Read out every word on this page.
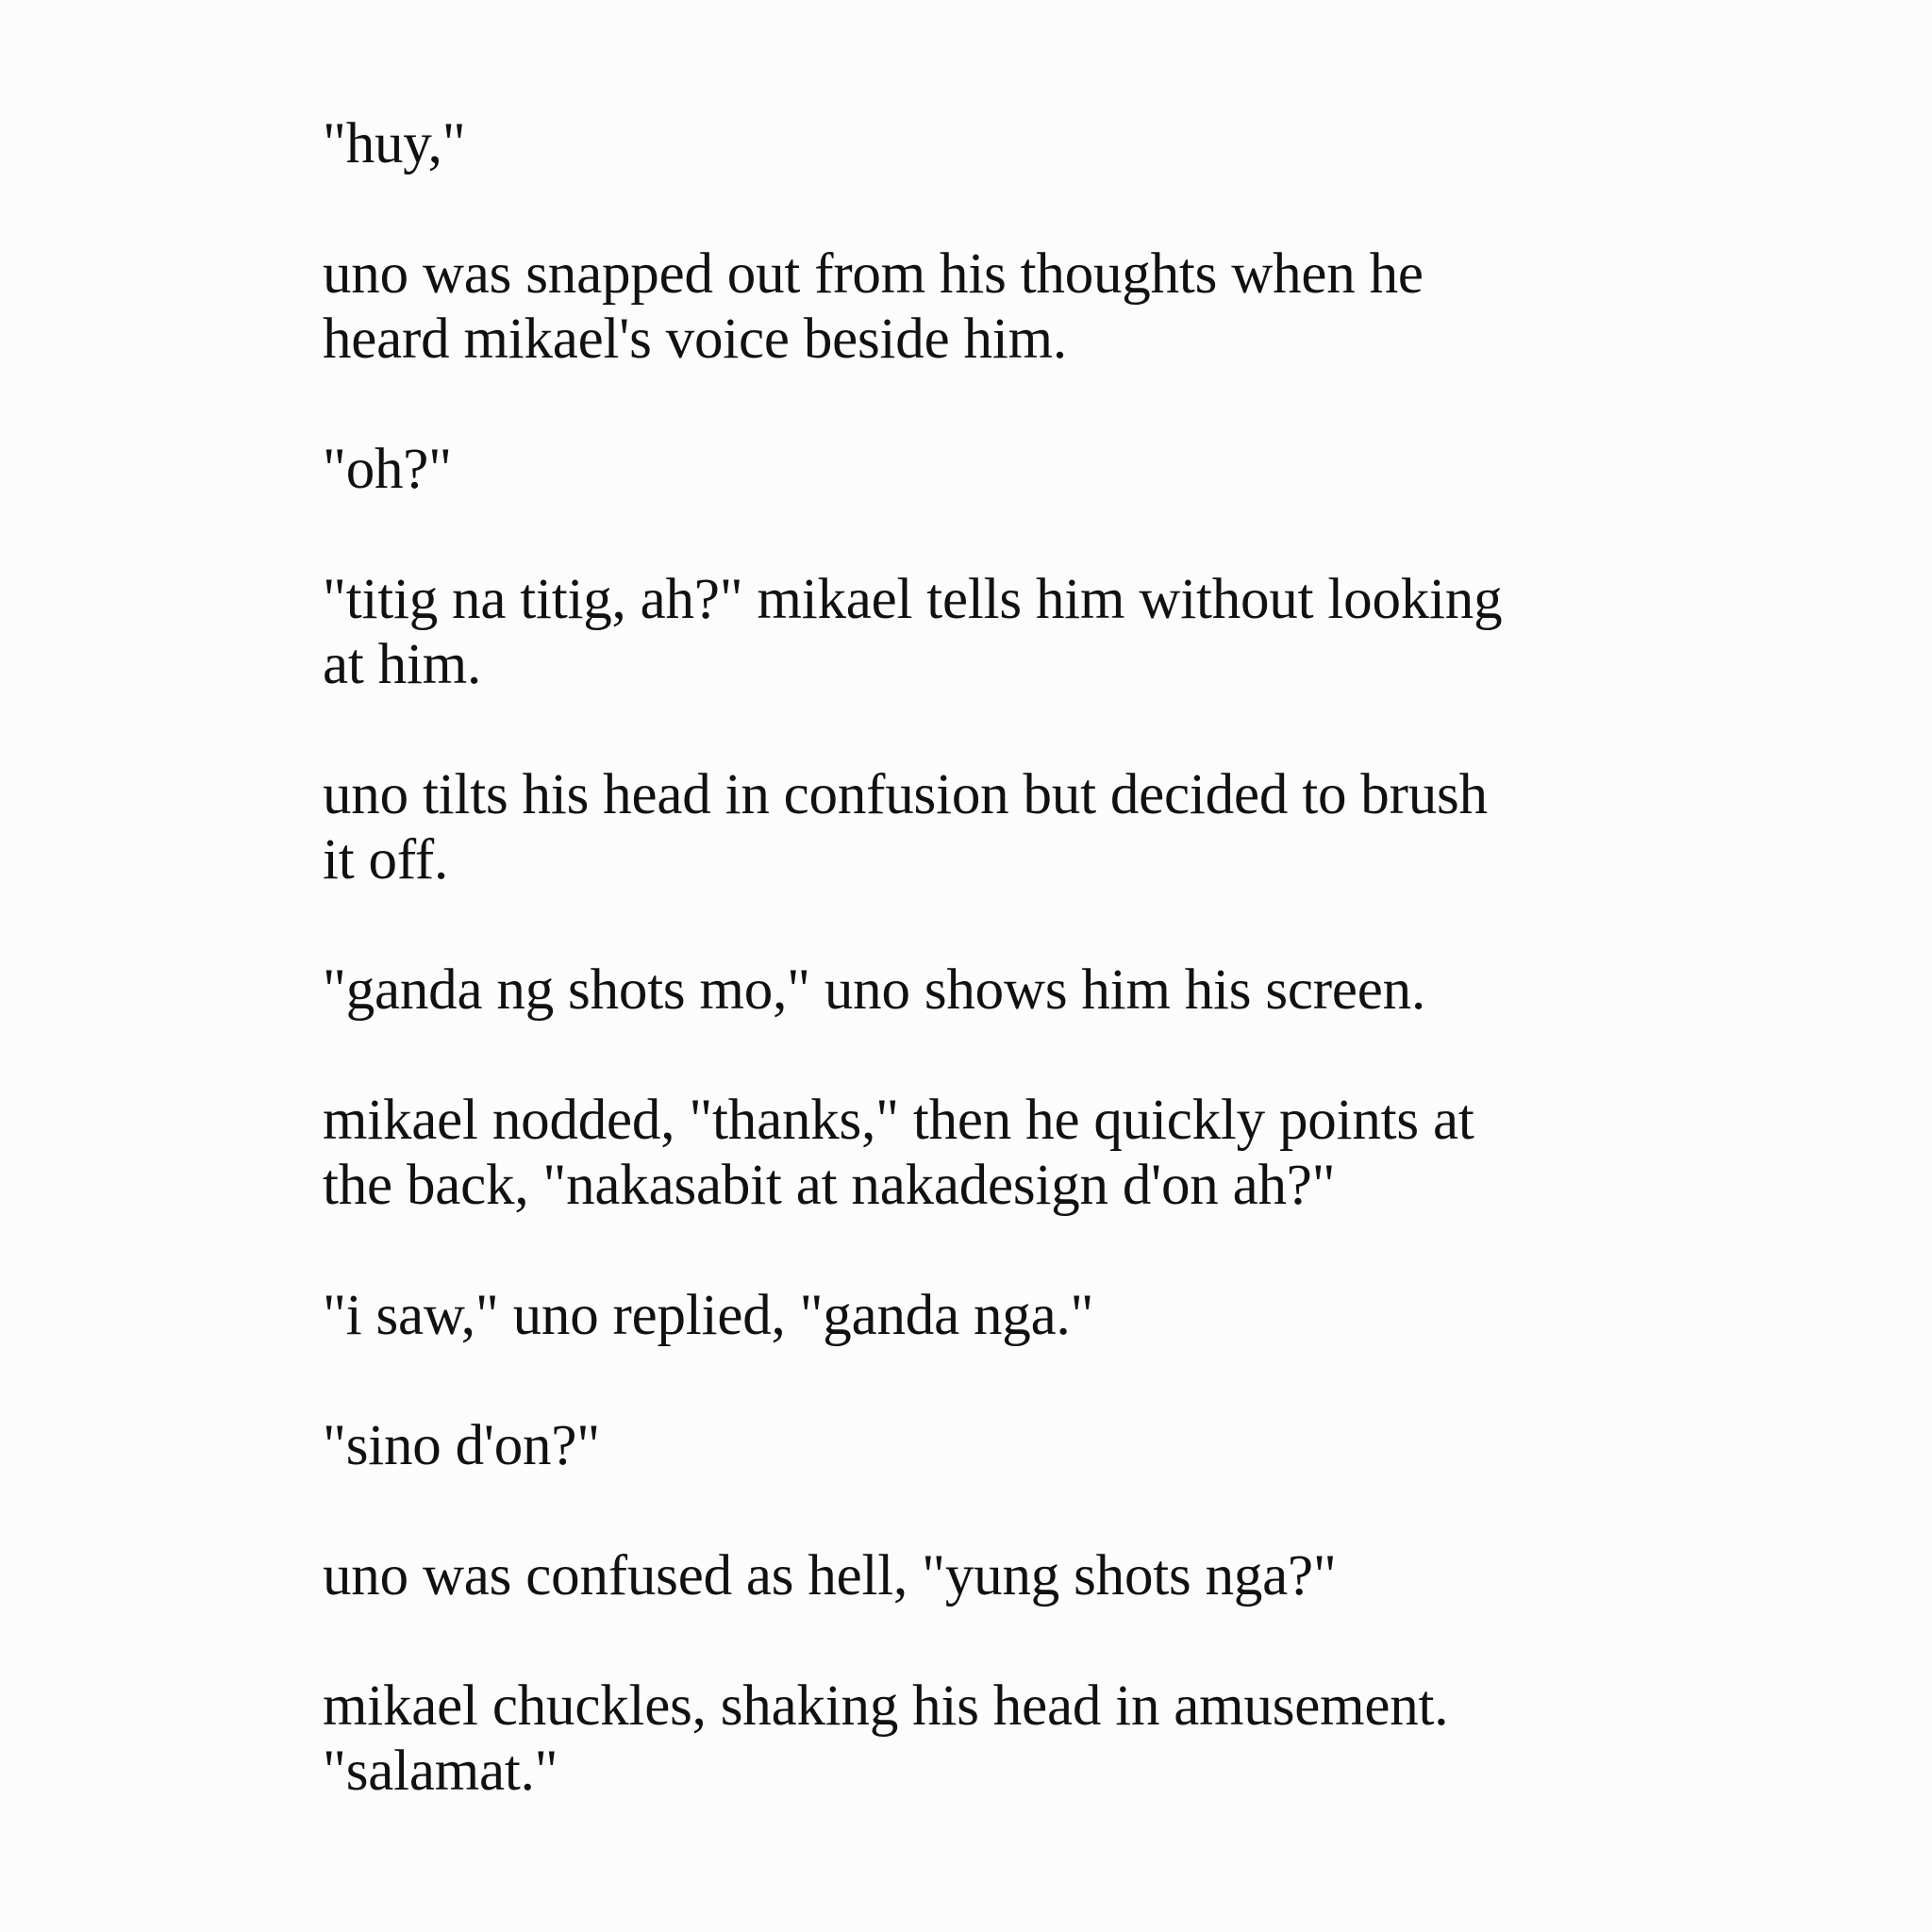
"huy,"

uno was snapped out from his thoughts when he
heard mikael's voice beside him.

"oh?"

"titig na titig, ah?" mikael tells him without looking
at him.

uno tilts his head in confusion but decided to brush
it off.

"ganda ng shots mo," uno shows him his screen.

mikael nodded, "thanks," then he quickly points at
the back, "nakasabit at nakadesign d'on ah?"

"i saw," uno replied, "ganda nga."

"sino d'on?"

uno was confused as hell, "yung shots nga?"

mikael chuckles, shaking his head in amusement.
"salamat."
